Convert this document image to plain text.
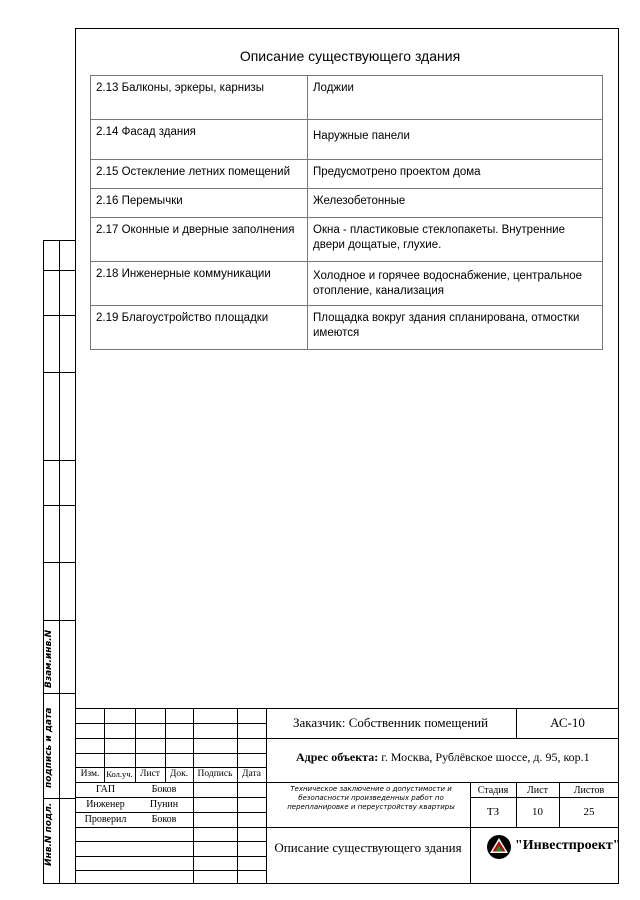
Взам.инв.N
подпись и дата
Инв.N подл.
Описание существующего здания
2.13 Балконы, эркеры, карнизы	Лоджии
2.14 Фасад здания	Наружные панели
2.15 Остекление летних помещений	Предусмотрено проектом дома
2.16 Перемычки	Железобетонные
2.17 Оконные и дверные заполнения	Окна - пластиковые стеклопакеты. Внутренние двери дощатые, глухие.
2.18 Инженерные коммуникации	Холодное и горячее водоснабжение, центральное отопление, канализация
2.19 Благоустройство площадки	Площадка вокруг здания спланирована, отмостки имеются
Изм. Кол.уч. Лист	Док. Подпись	Дата
ГАП	Боков
Инженер	Пунин
Проверил	Боков
Заказчик: Собственник помещений	АС-10
Адрес объекта: г. Москва, Рублёвское шоссе, д. 95, кор.1
Техническое заключение о допустимости и безопасности произведенных работ по перепланировке и переустройству квартиры
Стадия	Лист	Листов
ТЗ	10	25
Описание существующего здания	"Инвестпроект"
